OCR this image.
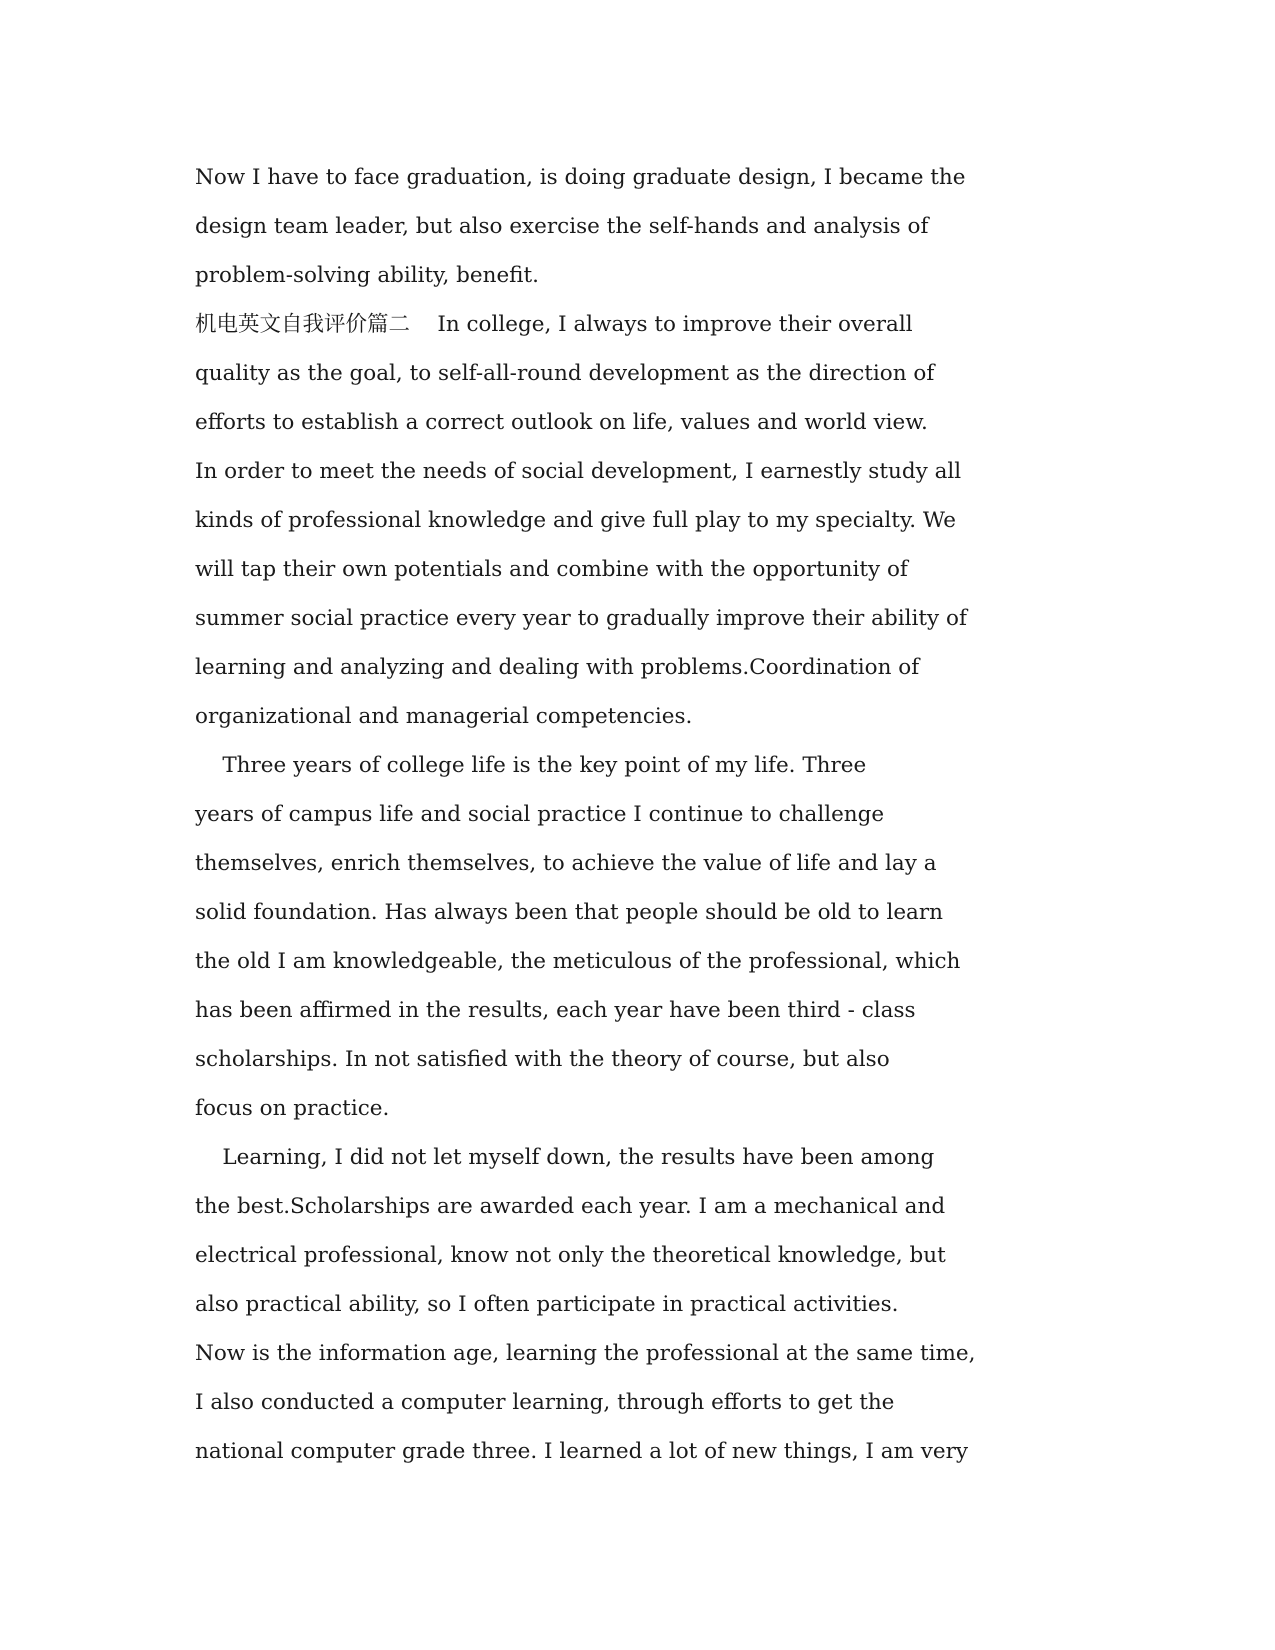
Now I have to face graduation, is doing graduate design, I became the

design team leader, but also exercise the self-hands and analysis of

problem-solving ability, benefit.

机电英文自我评价篇二    In college, I always to improve their overall

quality as the goal, to self-all-round development as the direction of

efforts to establish a correct outlook on life, values and world view.

In order to meet the needs of social development, I earnestly study all

kinds of professional knowledge and give full play to my specialty. We

will tap their own potentials and combine with the opportunity of

summer social practice every year to gradually improve their ability of

learning and analyzing and dealing with problems.Coordination of

organizational and managerial competencies.

Three years of college life is the key point of my life. Three

years of campus life and social practice I continue to challenge

themselves, enrich themselves, to achieve the value of life and lay a

solid foundation. Has always been that people should be old to learn

the old I am knowledgeable, the meticulous of the professional, which

has been affirmed in the results, each year have been third - class

scholarships. In not satisfied with the theory of course, but also

focus on practice.

Learning, I did not let myself down, the results have been among

the best.Scholarships are awarded each year. I am a mechanical and

electrical professional, know not only the theoretical knowledge, but

also practical ability, so I often participate in practical activities.

Now is the information age, learning the professional at the same time,

I also conducted a computer learning, through efforts to get the

national computer grade three. I learned a lot of new things, I am very
